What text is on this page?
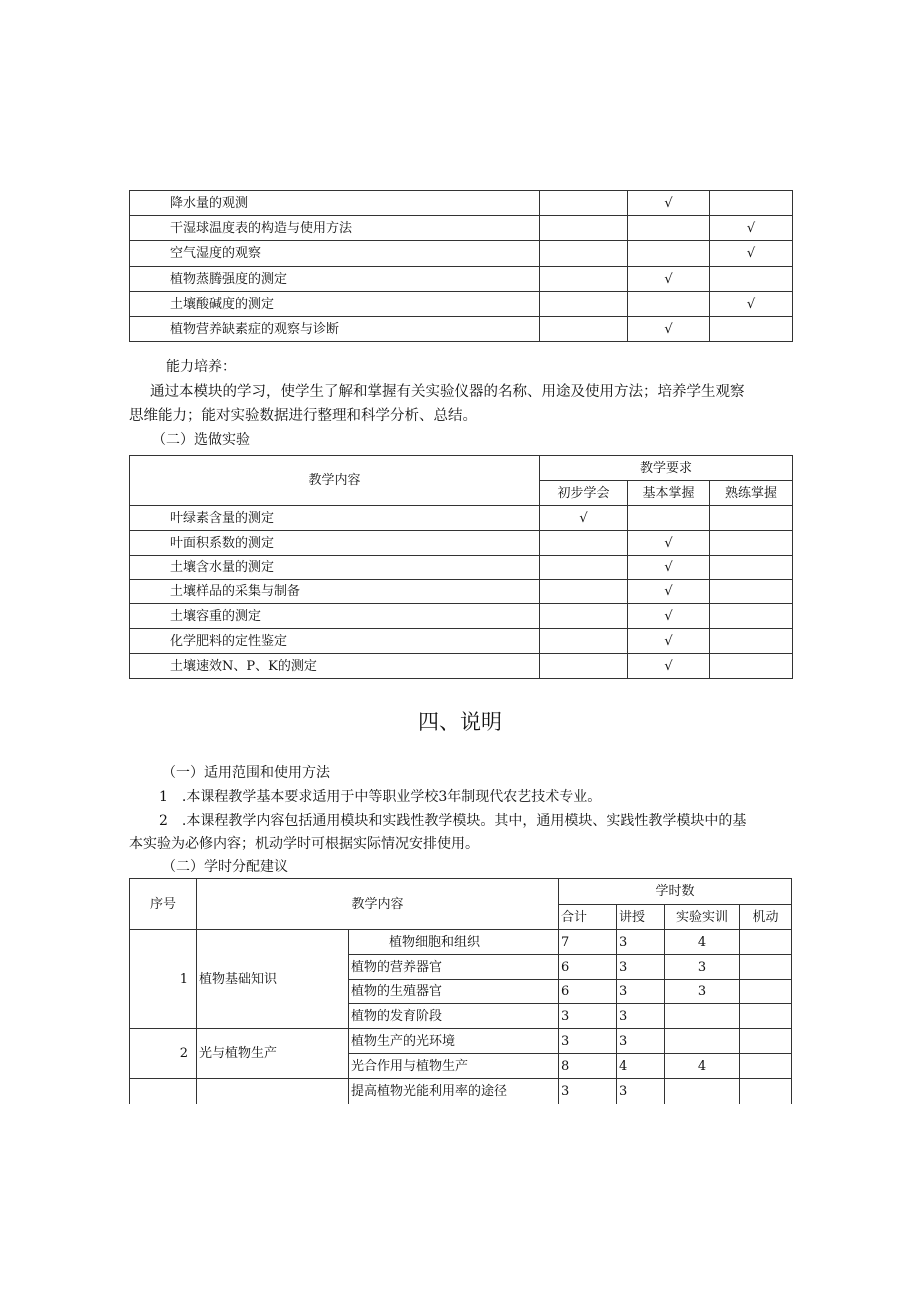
降水量的观测		√	
干湿球温度表的构造与使用方法			√
空气湿度的观察			√
植物蒸腾强度的测定		√	
土壤酸碱度的测定			√
植物营养缺素症的观察与诊断		√	
能力培养：
通过本模块的学习，使学生了解和掌握有关实验仪器的名称、用途及使用方法；培养学生观察
思维能力；能对实验数据进行整理和科学分析、总结。
（二）选做实验
教学内容	教学要求		
	初步学会	基本掌握	熟练掌握
叶绿素含量的测定	√		
叶面积系数的测定		√	
土壤含水量的测定		√	
土壤样品的采集与制备		√	
土壤容重的测定		√	
化学肥料的定性鉴定		√	
土壤速效N、P、K的测定		√	
四、说明
（一）适用范围和使用方法
1　.本课程教学基本要求适用于中等职业学校3年制现代农艺技术专业。
2　.本课程教学内容包括通用模块和实践性教学模块。其中，通用模块、实践性教学模块中的基
本实验为必修内容；机动学时可根据实际情况安排使用。
（二）学时分配建议
序号	教学内容		学时数			
			合计	讲授	实验实训	机动
1	植物基础知识	植物细胞和组织	7	3	4	
		植物的营养器官	6	3	3	
		植物的生殖器官	6	3	3	
		植物的发育阶段	3	3		
2	光与植物生产	植物生产的光环境	3	3		
		光合作用与植物生产	8	4	4	
		提高植物光能利用率的途径	3	3		
